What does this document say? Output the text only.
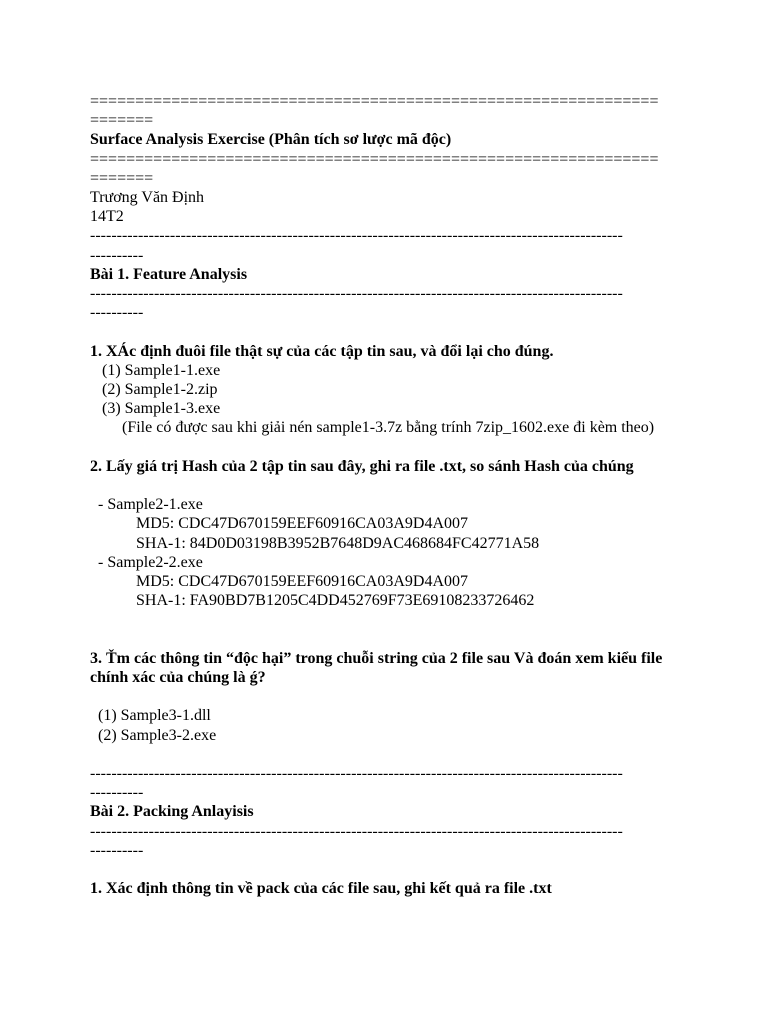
===============================================================
=======
Surface Analysis Exercise (Phân tích sơ lược mã độc)
===============================================================
=======
Trương Văn Định
14T2
----------------------------------------------------------------------------------------------------
----------
Bài 1. Feature Analysis
----------------------------------------------------------------------------------------------------
----------
1. XÁc định đuôi file thật sự của các tập tin sau, và đổi lại cho đúng.
(1) Sample1-1.exe
(2) Sample1-2.zip
(3) Sample1-3.exe
(File có được sau khi giải nén sample1-3.7z bằng trính 7zip_1602.exe đi kèm theo)
2. Lấy giá trị Hash của 2 tập tin sau đây, ghi ra file .txt, so sánh Hash của chúng
- Sample2-1.exe
MD5: CDC47D670159EEF60916CA03A9D4A007
SHA-1: 84D0D03198B3952B7648D9AC468684FC42771A58
- Sample2-2.exe
MD5: CDC47D670159EEF60916CA03A9D4A007
SHA-1: FA90BD7B1205C4DD452769F73E69108233726462
3. Ťm các thông tin “độc hại” trong chuỗi string của 2 file sau Và đoán xem kiểu file
chính xác của chúng là ǵ?
(1) Sample3-1.dll
(2) Sample3-2.exe
----------------------------------------------------------------------------------------------------
----------
Bài 2. Packing Anlayisis
----------------------------------------------------------------------------------------------------
----------
1. Xác định thông tin về pack của các file sau, ghi kết quả ra file .txt
